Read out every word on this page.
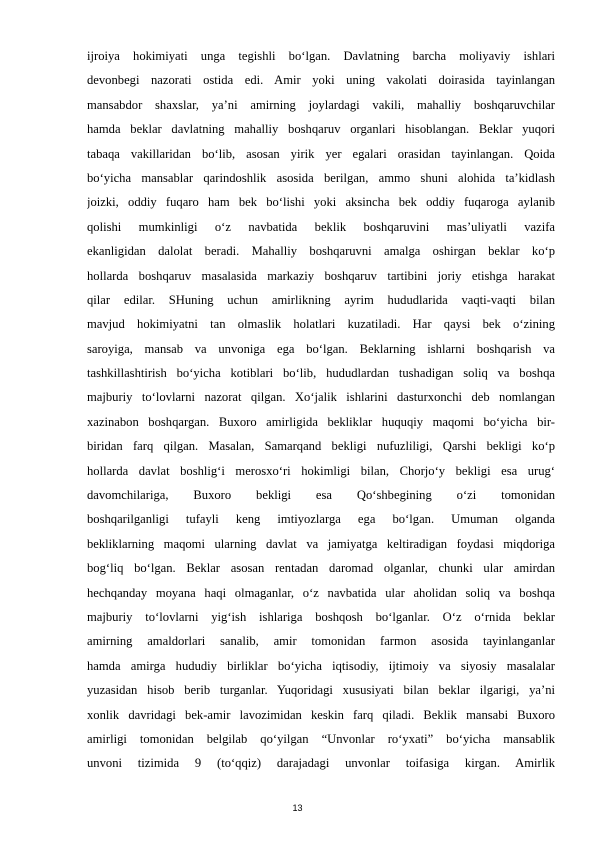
ijroiya hokimiyati unga tegishli bo‘lgan. Davlatning barcha moliyaviy ishlari
devonbegi nazorati ostida edi. Amir yoki uning vakolati doirasida tayinlangan
mansabdor shaxslar, ya’ni amirning joylardagi vakili, mahalliy boshqaruvchilar
hamda beklar davlatning mahalliy boshqaruv organlari hisoblangan. Beklar yuqori
tabaqa vakillaridan bo‘lib, asosan yirik yer egalari orasidan tayinlangan. Qoida
bo‘yicha mansablar qarindoshlik asosida berilgan, ammo shuni alohida ta’kidlash
joizki, oddiy fuqaro ham bek bo‘lishi yoki aksincha bek oddiy fuqaroga aylanib
qolishi mumkinligi o‘z navbatida beklik boshqaruvini mas’uliyatli vazifa
ekanligidan dalolat beradi. Mahalliy boshqaruvni amalga oshirgan beklar ko‘p
hollarda boshqaruv masalasida markaziy boshqaruv tartibini joriy etishga harakat
qilar edilar. SHuning uchun amirlikning ayrim hududlarida vaqti-vaqti bilan
mavjud hokimiyatni tan olmaslik holatlari kuzatiladi. Har qaysi bek o‘zining
saroyiga, mansab va unvoniga ega bo‘lgan. Beklarning ishlarni boshqarish va
tashkillashtirish bo‘yicha kotiblari bo‘lib, hududlardan tushadigan soliq va boshqa
majburiy to‘lovlarni nazorat qilgan. Xo‘jalik ishlarini dasturxonchi deb nomlangan
xazinabon boshqargan. Buxoro amirligida bekliklar huquqiy maqomi bo‘yicha bir-
biridan farq qilgan. Masalan, Samarqand bekligi nufuzliligi, Qarshi bekligi ko‘p
hollarda davlat boshlig‘i merosxo‘ri hokimligi bilan, Chorjo‘y bekligi esa urug‘
davomchilariga, Buxoro bekligi esa Qo‘shbegining o‘zi tomonidan
boshqarilganligi tufayli keng imtiyozlarga ega bo‘lgan. Umuman olganda
bekliklarning maqomi ularning davlat va jamiyatga keltiradigan foydasi miqdoriga
bog‘liq bo‘lgan. Beklar asosan rentadan daromad olganlar, chunki ular amirdan
hechqanday moyana haqi olmaganlar, o‘z navbatida ular aholidan soliq va boshqa
majburiy to‘lovlarni yig‘ish ishlariga boshqosh bo‘lganlar. O‘z o‘rnida beklar
amirning amaldorlari sanalib, amir tomonidan farmon asosida tayinlanganlar
hamda amirga hududiy birliklar bo‘yicha iqtisodiy, ijtimoiy va siyosiy masalalar
yuzasidan hisob berib turganlar. Yuqoridagi xususiyati bilan beklar ilgarigi, ya’ni
xonlik davridagi bek-amir lavozimidan keskin farq qiladi. Beklik mansabi Buxoro
amirligi tomonidan belgilab qo‘yilgan “Unvonlar ro‘yxati” bo‘yicha mansablik
unvoni tizimida 9 (to‘qqiz) darajadagi unvonlar toifasiga kirgan. Amirlik
13
